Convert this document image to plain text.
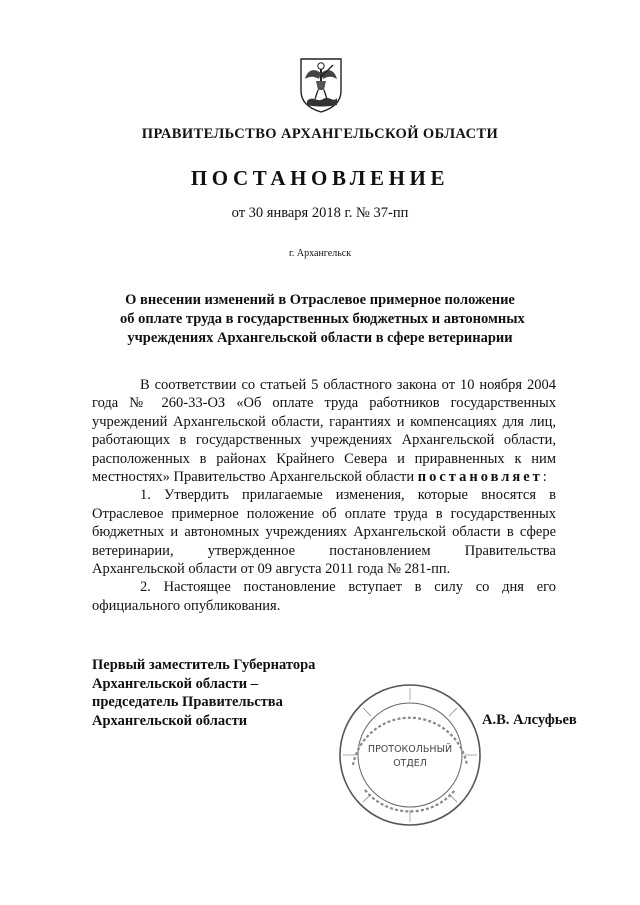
ПРАВИТЕЛЬСТВО АРХАНГЕЛЬСКОЙ ОБЛАСТИ
ПОСТАНОВЛЕНИЕ
от 30 января 2018 г. № 37-пп
г. Архангельск
О внесении изменений в Отраслевое примерное положение
об оплате труда в государственных бюджетных и автономных
учреждениях Архангельской области в сфере ветеринарии

В соответствии со статьей 5 областного закона от 10 ноября 2004 года № 260-33-ОЗ «Об оплате труда работников государственных учреждений Архангельской области, гарантиях и компенсациях для лиц, работающих в государственных учреждениях Архангельской области, расположенных в районах Крайнего Севера и приравненных к ним местностях» Правительство Архангельской области постановляет:

1. Утвердить прилагаемые изменения, которые вносятся в Отраслевое примерное положение об оплате труда в государственных бюджетных и автономных учреждениях Архангельской области в сфере ветеринарии, утвержденное постановлением Правительства Архангельской области от 09 августа 2011 года № 281-пп.

2. Настоящее постановление вступает в силу со дня его официального опубликования.

Первый заместитель Губернатора
Архангельской области –
председатель Правительства
Архангельской области	А.В. Алсуфьев
ПРОТОКОЛЬНЫЙ
ОТДЕЛ
